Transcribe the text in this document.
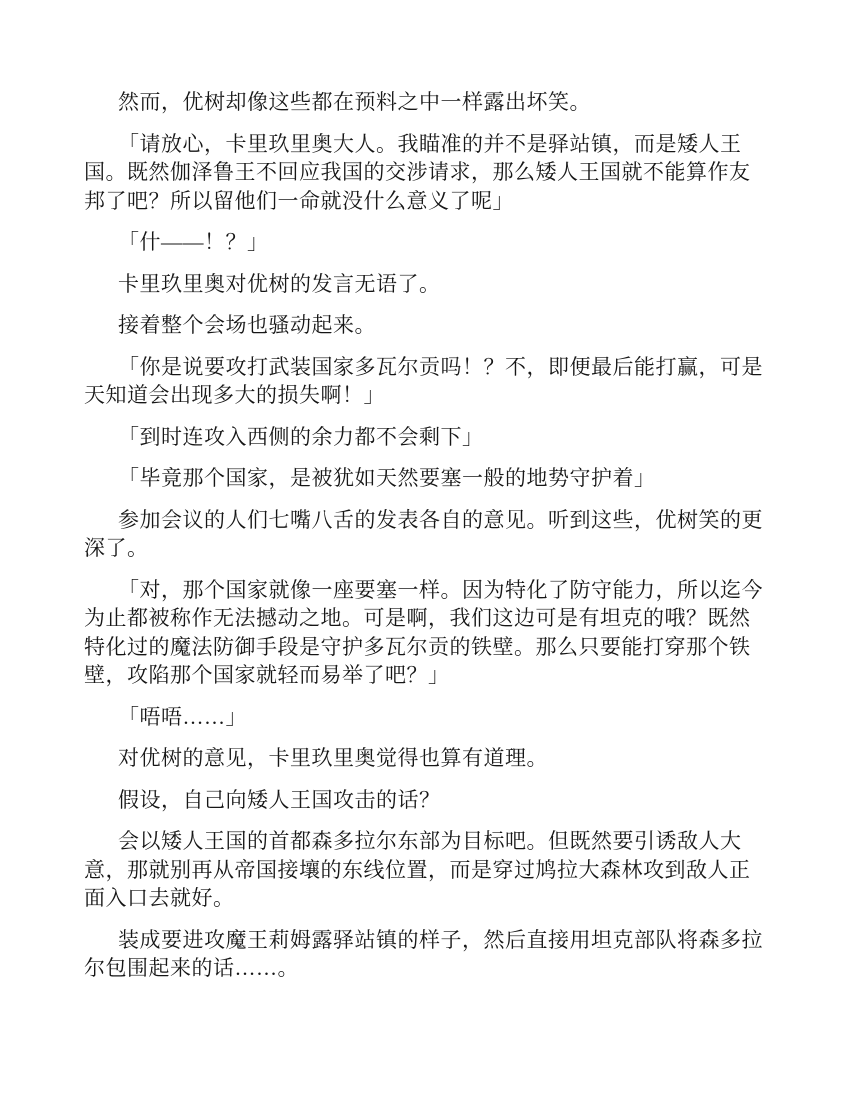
然而，优树却像这些都在预料之中一样露出坏笑。

「请放心，卡里玖里奥大人。我瞄准的并不是驿站镇，而是矮人王国。既然伽泽鲁王不回应我国的交涉请求，那么矮人王国就不能算作友邦了吧？所以留他们一命就没什么意义了呢」

「什——！？」

卡里玖里奥对优树的发言无语了。

接着整个会场也骚动起来。

「你是说要攻打武装国家多瓦尔贡吗！？不，即便最后能打赢，可是天知道会出现多大的损失啊！」

「到时连攻入西侧的余力都不会剩下」

「毕竟那个国家，是被犹如天然要塞一般的地势守护着」

参加会议的人们七嘴八舌的发表各自的意见。听到这些，优树笑的更深了。

「对，那个国家就像一座要塞一样。因为特化了防守能力，所以迄今为止都被称作无法撼动之地。可是啊，我们这边可是有坦克的哦？既然特化过的魔法防御手段是守护多瓦尔贡的铁壁。那么只要能打穿那个铁壁，攻陷那个国家就轻而易举了吧？」

「唔唔……」

对优树的意见，卡里玖里奥觉得也算有道理。

假设，自己向矮人王国攻击的话？

会以矮人王国的首都森多拉尔东部为目标吧。但既然要引诱敌人大意，那就别再从帝国接壤的东线位置，而是穿过鸠拉大森林攻到敌人正面入口去就好。

装成要进攻魔王莉姆露驿站镇的样子，然后直接用坦克部队将森多拉尔包围起来的话……。
